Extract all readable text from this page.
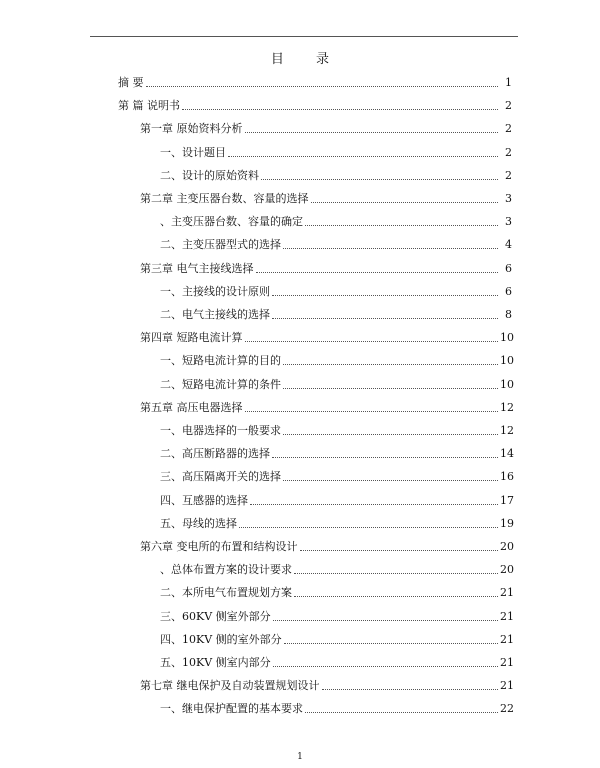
目 录
摘 要	1
第 篇 说明书	2
第一章 原始资料分析	2
一、设计题目	2
二、设计的原始资料	2
第二章 主变压器台数、容量的选择	3
、主变压器台数、容量的确定	3
二、主变压器型式的选择	4
第三章 电气主接线选择	6
一、主接线的设计原则	6
二、电气主接线的选择	8
第四章 短路电流计算	10
一、短路电流计算的目的	10
二、短路电流计算的条件	10
第五章 高压电器选择	12
一、电器选择的一般要求	12
二、高压断路器的选择	14
三、高压隔离开关的选择	16
四、互感器的选择	17
五、母线的选择	19
第六章 变电所的布置和结构设计	20
、总体布置方案的设计要求	20
二、本所电气布置规划方案	21
三、60KV 侧室外部分	21
四、10KV 侧的室外部分	21
五、10KV 侧室内部分	21
第七章 继电保护及自动装置规划设计	21
一、继电保护配置的基本要求	22
1
